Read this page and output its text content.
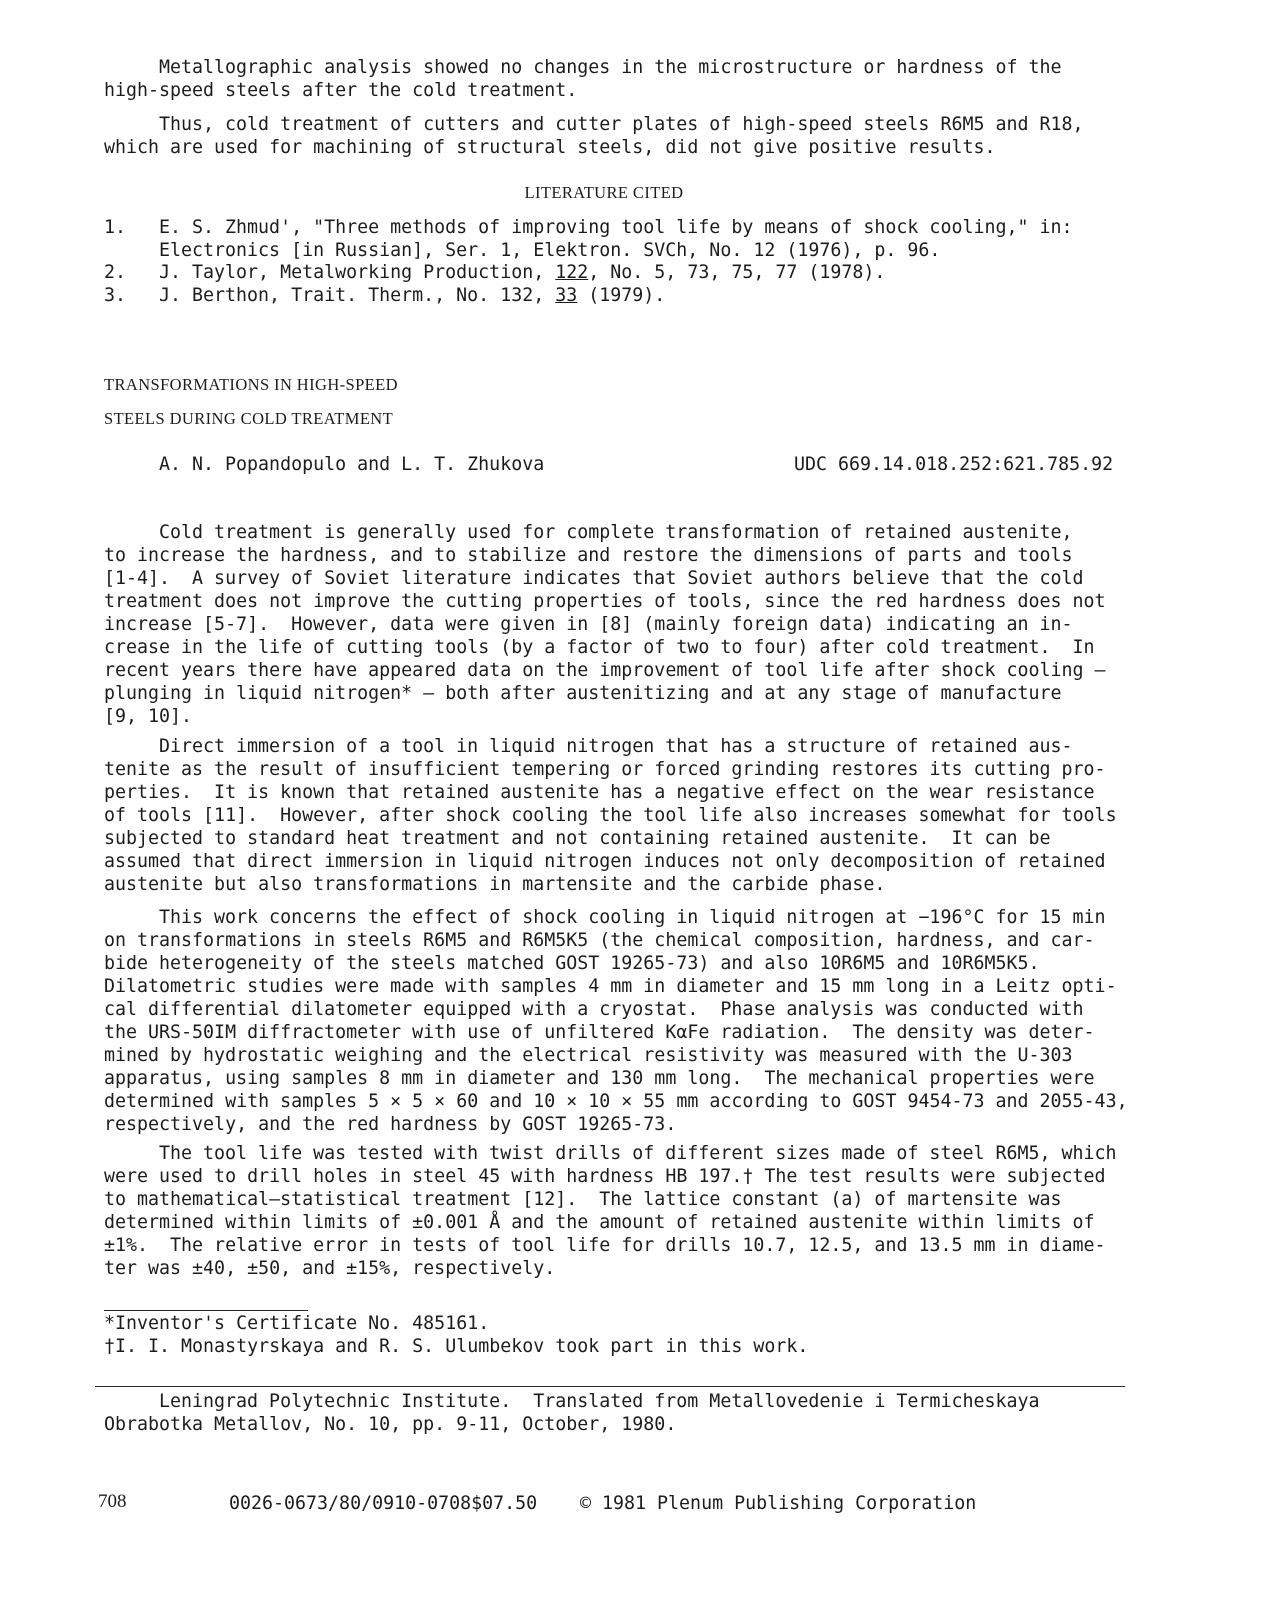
Metallographic analysis showed no changes in the microstructure or hardness of the
high-speed steels after the cold treatment.
Thus, cold treatment of cutters and cutter plates of high-speed steels R6M5 and R18,
which are used for machining of structural steels, did not give positive results.
LITERATURE CITED
1. E. S. Zhmud', "Three methods of improving tool life by means of shock cooling," in:
Electronics [in Russian], Ser. 1, Elektron. SVCh, No. 12 (1976), p. 96.
2. J. Taylor, Metalworking Production, 122, No. 5, 73, 75, 77 (1978).
3. J. Berthon, Trait. Therm., No. 132, 33 (1979).
TRANSFORMATIONS IN HIGH-SPEED
STEELS DURING COLD TREATMENT
A. N. Popandopulo and L. T. Zhukova	UDC 669.14.018.252:621.785.92
Cold treatment is generally used for complete transformation of retained austenite,
to increase the hardness, and to stabilize and restore the dimensions of parts and tools
[1-4].  A survey of Soviet literature indicates that Soviet authors believe that the cold
treatment does not improve the cutting properties of tools, since the red hardness does not
increase [5-7].  However, data were given in [8] (mainly foreign data) indicating an in-
crease in the life of cutting tools (by a factor of two to four) after cold treatment.  In
recent years there have appeared data on the improvement of tool life after shock cooling —
plunging in liquid nitrogen* — both after austenitizing and at any stage of manufacture
[9, 10].
Direct immersion of a tool in liquid nitrogen that has a structure of retained aus-
tenite as the result of insufficient tempering or forced grinding restores its cutting pro-
perties.  It is known that retained austenite has a negative effect on the wear resistance
of tools [11].  However, after shock cooling the tool life also increases somewhat for tools
subjected to standard heat treatment and not containing retained austenite.  It can be
assumed that direct immersion in liquid nitrogen induces not only decomposition of retained
austenite but also transformations in martensite and the carbide phase.
This work concerns the effect of shock cooling in liquid nitrogen at −196°C for 15 min
on transformations in steels R6M5 and R6M5K5 (the chemical composition, hardness, and car-
bide heterogeneity of the steels matched GOST 19265-73) and also 10R6M5 and 10R6M5K5.
Dilatometric studies were made with samples 4 mm in diameter and 15 mm long in a Leitz opti-
cal differential dilatometer equipped with a cryostat.  Phase analysis was conducted with
the URS-50IM diffractometer with use of unfiltered KαFe radiation.  The density was deter-
mined by hydrostatic weighing and the electrical resistivity was measured with the U-303
apparatus, using samples 8 mm in diameter and 130 mm long.  The mechanical properties were
determined with samples 5 × 5 × 60 and 10 × 10 × 55 mm according to GOST 9454-73 and 2055-43,
respectively, and the red hardness by GOST 19265-73.
The tool life was tested with twist drills of different sizes made of steel R6M5, which
were used to drill holes in steel 45 with hardness HB 197.† The test results were subjected
to mathematical—statistical treatment [12].  The lattice constant (a) of martensite was
determined within limits of ±0.001 Å and the amount of retained austenite within limits of
±1%.  The relative error in tests of tool life for drills 10.7, 12.5, and 13.5 mm in diame-
ter was ±40, ±50, and ±15%, respectively.
*Inventor's Certificate No. 485161.
†I. I. Monastyrskaya and R. S. Ulumbekov took part in this work.
Leningrad Polytechnic Institute.  Translated from Metallovedenie i Termicheskaya
Obrabotka Metallov, No. 10, pp. 9-11, October, 1980.
708	0026-0673/80/0910-0708$07.50	© 1981 Plenum Publishing Corporation
